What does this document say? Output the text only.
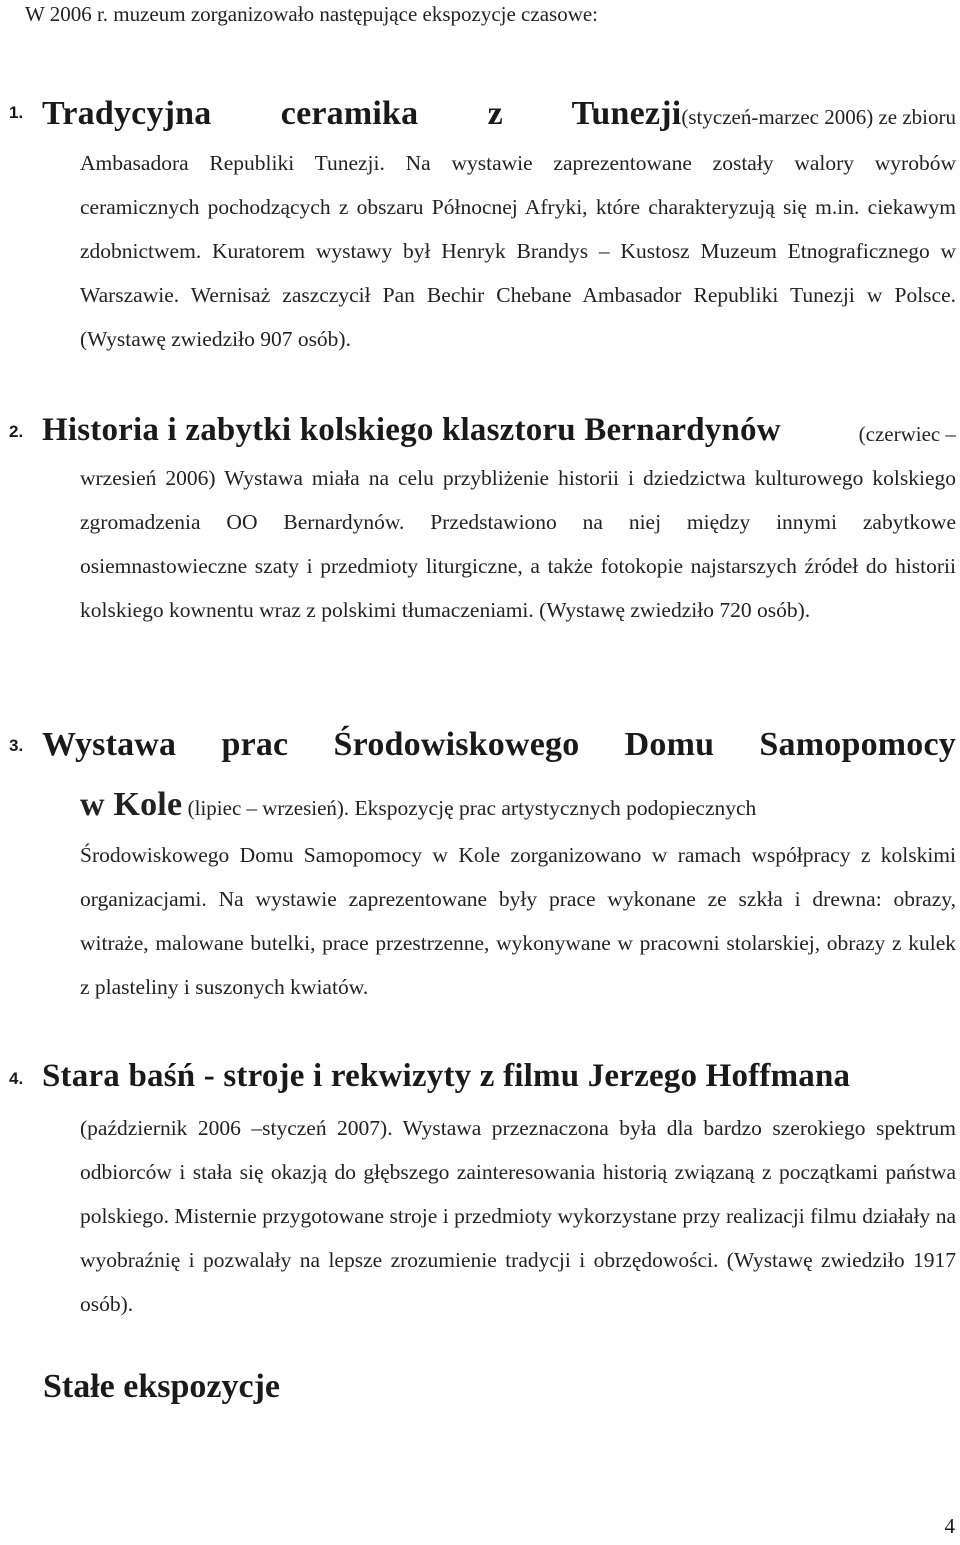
W 2006 r. muzeum zorganizowało następujące ekspozycje czasowe:
1. Tradycyjna ceramika z Tunezji (styczeń-marzec 2006) ze zbioru
Ambasadora Republiki Tunezji. Na wystawie zaprezentowane zostały walory wyrobów ceramicznych pochodzących z obszaru Północnej Afryki, które charakteryzują się m.in. ciekawym zdobnictwem. Kuratorem wystawy był Henryk Brandys – Kustosz Muzeum Etnograficznego w Warszawie. Wernisaż zaszczycił Pan Bechir Chebane Ambasador Republiki Tunezji w Polsce. (Wystawę zwiedziło 907 osób).
2. Historia i zabytki kolskiego klasztoru Bernardynów	(czerwiec –
wrzesień 2006) Wystawa miała na celu przybliżenie historii i dziedzictwa kulturowego kolskiego zgromadzenia OO Bernardynów. Przedstawiono na niej między innymi zabytkowe osiemnastowieczne szaty i przedmioty liturgiczne, a także fotokopie najstarszych źródeł do historii kolskiego kownentu wraz z polskimi tłumaczeniami. (Wystawę zwiedziło 720 osób).
3. Wystawa prac Środowiskowego Domu Samopomocy
w Kole (lipiec – wrzesień). Ekspozycję prac artystycznych podopiecznych
Środowiskowego Domu Samopomocy w Kole zorganizowano w ramach współpracy z kolskimi organizacjami. Na wystawie zaprezentowane były prace wykonane ze szkła i drewna: obrazy, witraże, malowane butelki, prace przestrzenne, wykonywane w pracowni stolarskiej, obrazy z kulek z plasteliny i suszonych kwiatów.
4. Stara baśń - stroje i rekwizyty z filmu Jerzego Hoffmana
(październik 2006 –styczeń 2007). Wystawa przeznaczona była dla bardzo szerokiego spektrum odbiorców i stała się okazją do głębszego zainteresowania historią związaną z początkami państwa polskiego. Misternie przygotowane stroje i przedmioty wykorzystane przy realizacji filmu działały na wyobraźnię i pozwalały na lepsze zrozumienie tradycji i obrzędowości. (Wystawę zwiedziło 1917 osób).
Stałe ekspozycje
4
